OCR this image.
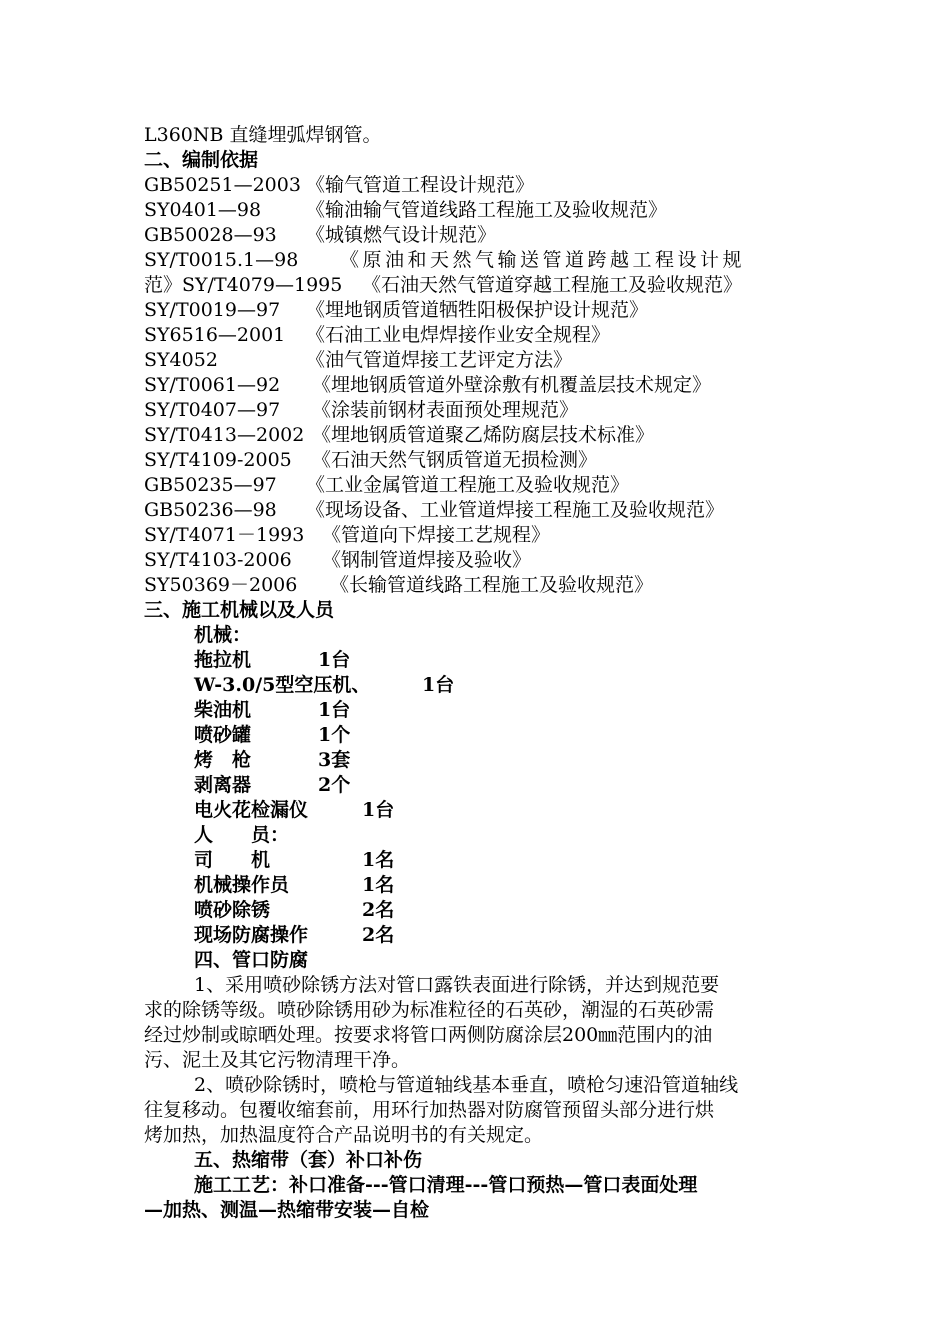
L360NB 直缝埋弧焊钢管。
二、编制依据
GB50251—2003 《输气管道工程设计规范》
SY0401—98 《输油输气管道线路工程施工及验收规范》
GB50028—93 《城镇燃气设计规范》
SY/T0015.1—98 《原油和天然气输送管道跨越工程设计规
范》SY/T4079—1995 《石油天然气管道穿越工程施工及验收规范》
SY/T0019—97 《埋地钢质管道牺牲阳极保护设计规范》
SY6516—2001 《石油工业电焊焊接作业安全规程》
SY4052	《油气管道焊接工艺评定方法》
SY/T0061—92 《埋地钢质管道外壁涂敷有机覆盖层技术规定》
SY/T0407—97 《涂装前钢材表面预处理规范》
SY/T0413—2002 《埋地钢质管道聚乙烯防腐层技术标准》
SY/T4109-2005 《石油天然气钢质管道无损检测》
GB50235—97 《工业金属管道工程施工及验收规范》
GB50236—98 《现场设备、工业管道焊接工程施工及验收规范》
SY/T4071－1993 《管道向下焊接工艺规程》
SY/T4103-2006 《钢制管道焊接及验收》
SY50369－2006 《长输管道线路工程施工及验收规范》
三、施工机械以及人员
机械：
拖拉机	1台
W-3.0/5型空压机、	1台
柴油机	1台
喷砂罐	1个
烤　枪	3套
剥离器	2个
电火花检漏仪	1台
人　　员：
司　　机	1名
机械操作员	1名
喷砂除锈	2名
现场防腐操作	2名
四、管口防腐
1、采用喷砂除锈方法对管口露铁表面进行除锈，并达到规范要
求的除锈等级。喷砂除锈用砂为标准粒径的石英砂，潮湿的石英砂需
经过炒制或晾晒处理。按要求将管口两侧防腐涂层200㎜范围内的油
污、泥土及其它污物清理干净。
2、喷砂除锈时，喷枪与管道轴线基本垂直，喷枪匀速沿管道轴线
往复移动。包覆收缩套前，用环行加热器对防腐管预留头部分进行烘
烤加热，加热温度符合产品说明书的有关规定。
五、热缩带（套）补口补伤
施工工艺：补口准备---管口清理---管口预热—管口表面处理
—加热、测温—热缩带安装—自检
